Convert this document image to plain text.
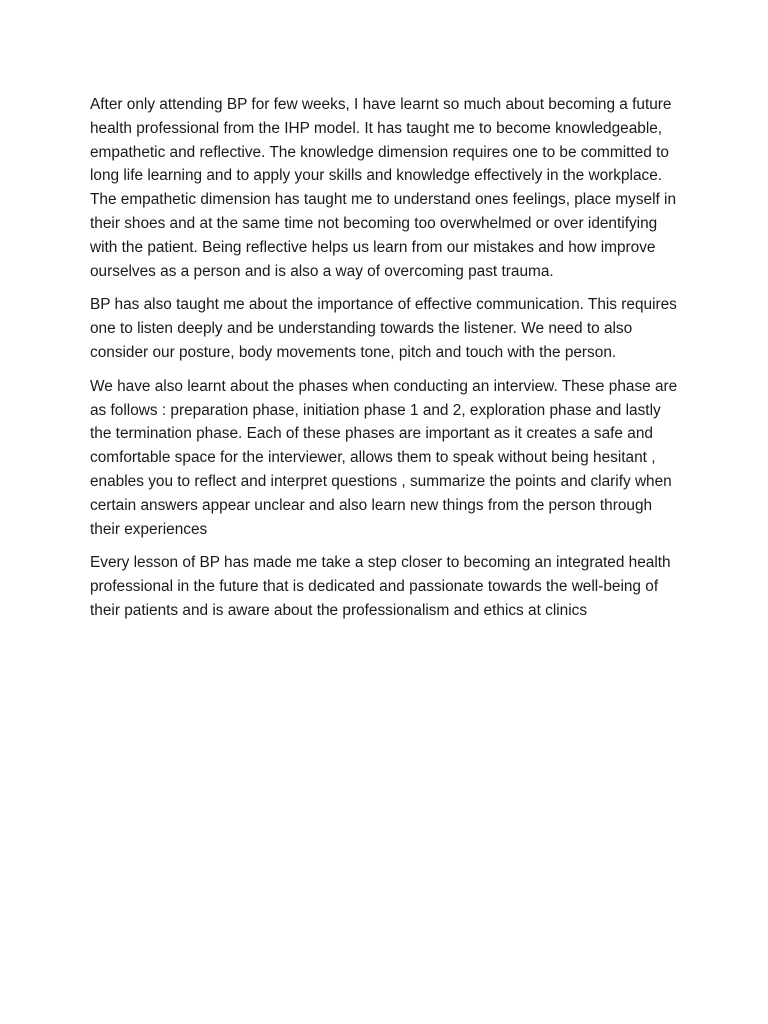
After only attending BP for few weeks, I have learnt so much about becoming a future health professional from the IHP model. It has taught me to become knowledgeable, empathetic and reflective. The knowledge dimension requires one to be committed to long life learning and to apply your skills and knowledge effectively in the workplace. The empathetic dimension has taught me to understand ones feelings, place myself in their shoes and at the same time not becoming too overwhelmed or over identifying with the patient. Being reflective helps us learn from our mistakes and how improve ourselves as a person and is also a way of overcoming past trauma.

BP has also taught me about the importance of effective communication. This requires one to listen deeply and be understanding towards the listener. We need to also consider our posture, body movements tone, pitch and touch with the person.

We have also learnt about the phases when conducting an interview. These phase are as follows : preparation phase, initiation phase 1 and 2, exploration phase and lastly the termination phase. Each of these phases are important as it creates a safe and comfortable space for the interviewer, allows them to speak without being hesitant , enables you to reflect and interpret questions , summarize the points and clarify when certain answers appear unclear and also learn new things from the person through their experiences

Every lesson of BP has made me take a step closer to becoming an integrated health professional in the future that is dedicated and passionate towards the well-being of their patients and is aware about the professionalism and ethics at clinics
